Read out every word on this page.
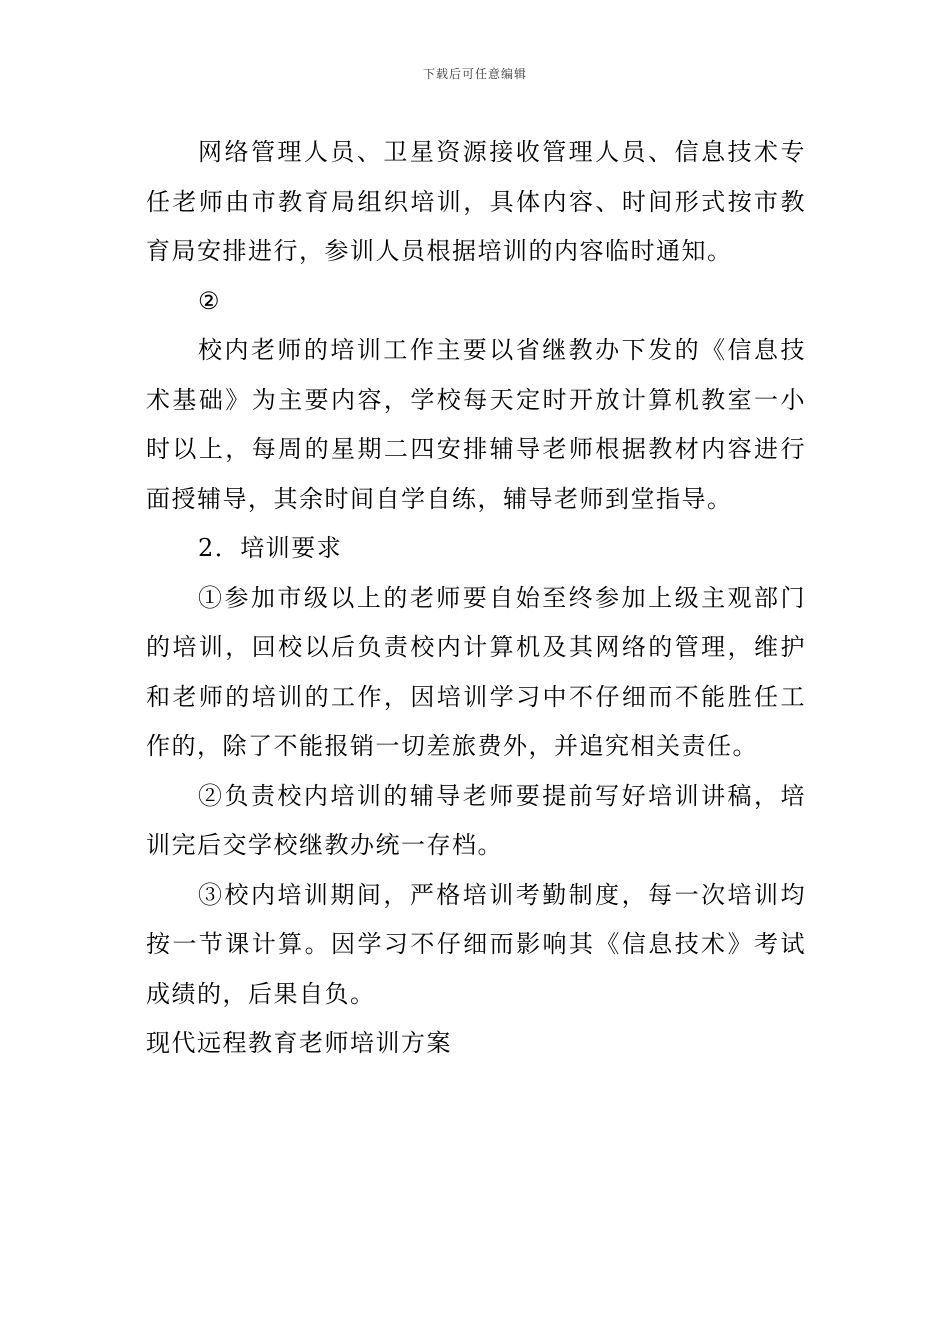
下载后可任意编辑

网络管理人员、卫星资源接收管理人员、信息技术专任老师由市教育局组织培训，具体内容、时间形式按市教育局安排进行，参训人员根据培训的内容临时通知。

②

校内老师的培训工作主要以省继教办下发的《信息技术基础》为主要内容，学校每天定时开放计算机教室一小时以上，每周的星期二四安排辅导老师根据教材内容进行面授辅导，其余时间自学自练，辅导老师到堂指导。

2．培训要求

①参加市级以上的老师要自始至终参加上级主观部门的培训，回校以后负责校内计算机及其网络的管理，维护和老师的培训的工作，因培训学习中不仔细而不能胜任工作的，除了不能报销一切差旅费外，并追究相关责任。

②负责校内培训的辅导老师要提前写好培训讲稿，培训完后交学校继教办统一存档。

③校内培训期间，严格培训考勤制度，每一次培训均按一节课计算。因学习不仔细而影响其《信息技术》考试成绩的，后果自负。

现代远程教育老师培训方案
